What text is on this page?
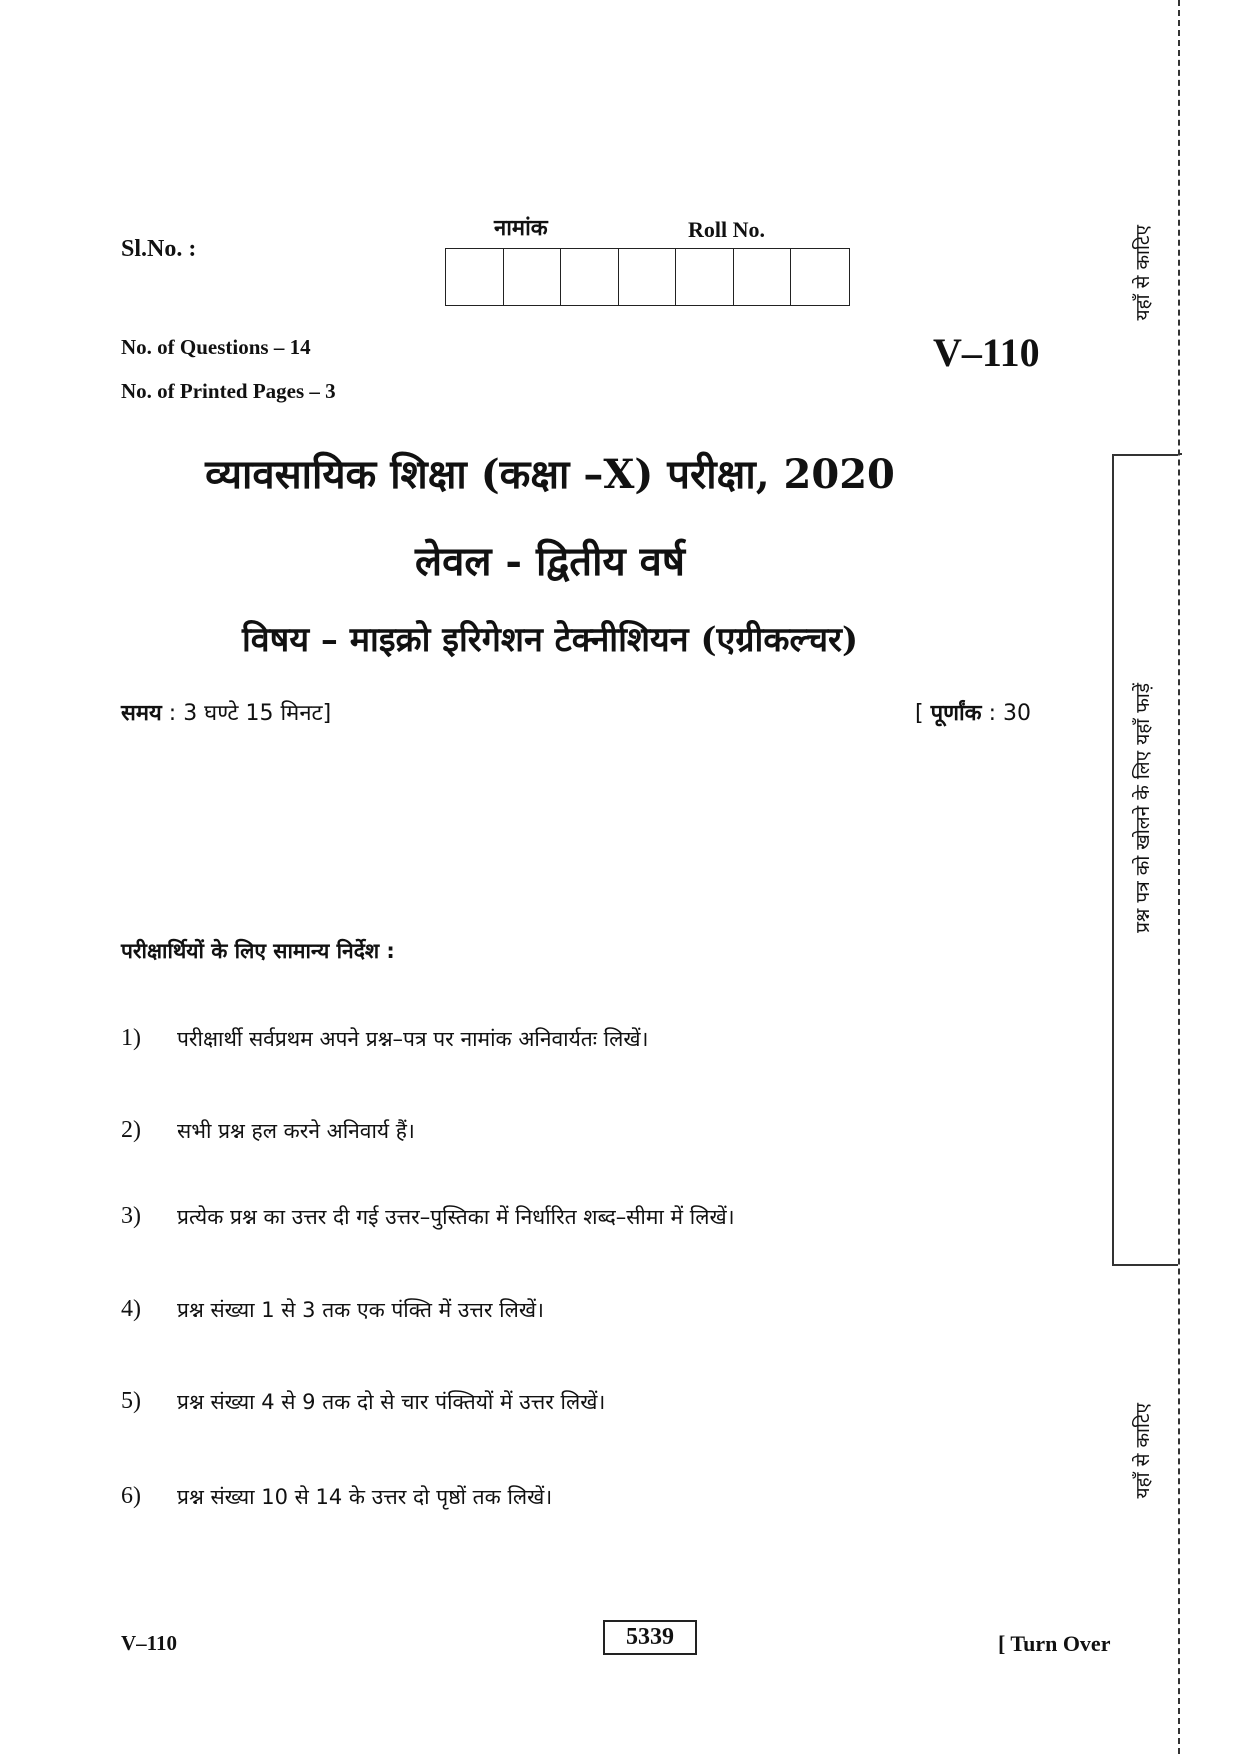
Sl.No. :
नामांक	Roll No.
No. of Questions – 14
No. of Printed Pages – 3
V–110
व्यावसायिक शिक्षा (कक्षा –X) परीक्षा, 2020
लेवल - द्वितीय वर्ष
विषय – माइक्रो इरिगेशन टेक्नीशियन (एग्रीकल्चर)
समय : 3 घण्टे 15 मिनट]	[ पूर्णांक : 30
परीक्षार्थियों के लिए सामान्य निर्देश :
1)	परीक्षार्थी सर्वप्रथम अपने प्रश्न–पत्र पर नामांक अनिवार्यतः लिखें।
2)	सभी प्रश्न हल करने अनिवार्य हैं।
3)	प्रत्येक प्रश्न का उत्तर दी गई उत्तर–पुस्तिका में निर्धारित शब्द–सीमा में लिखें।
4)	प्रश्न संख्या 1 से 3 तक एक पंक्ति में उत्तर लिखें।
5)	प्रश्न संख्या 4 से 9 तक दो से चार पंक्तियों में उत्तर लिखें।
6)	प्रश्न संख्या 10 से 14 के उत्तर दो पृष्ठों तक लिखें।
V–110	5339	[ Turn Over
यहाँ से काटिए
प्रश्न पत्र को खोलने के लिए यहाँ फाड़ें
यहाँ से काटिए
